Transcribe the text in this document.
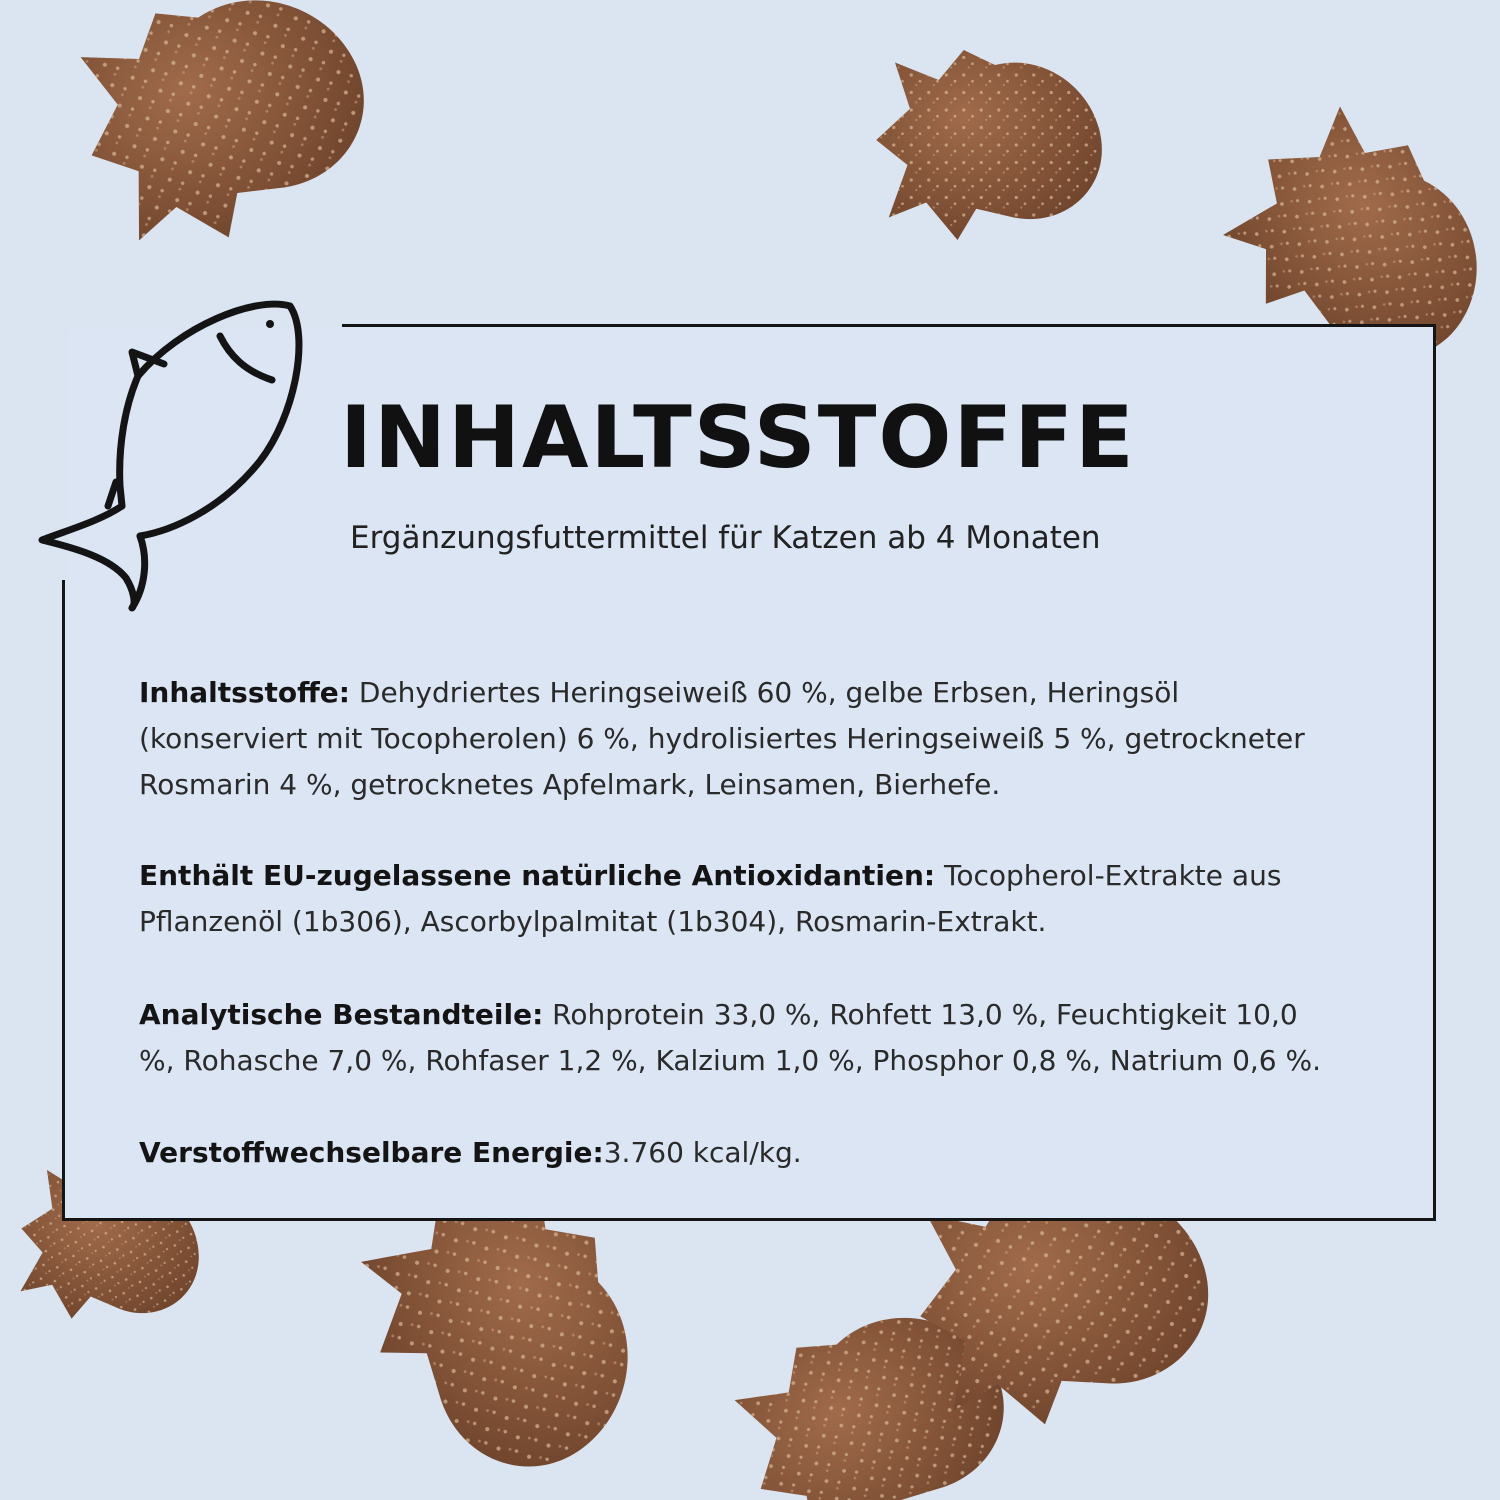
INHALTSSTOFFE

Ergänzungsfuttermittel für Katzen ab 4 Monaten

Inhaltsstoffe: Dehydriertes Heringseiweiß 60 %, gelbe Erbsen, Heringsöl (konserviert mit Tocopherolen) 6 %, hydrolisiertes Heringseiweiß 5 %, getrockneter Rosmarin 4 %, getrocknetes Apfelmark, Leinsamen, Bierhefe.

Enthält EU-zugelassene natürliche Antioxidantien: Tocopherol-Extrakte aus Pflanzenöl (1b306), Ascorbylpalmitat (1b304), Rosmarin-Extrakt.

Analytische Bestandteile: Rohprotein 33,0 %, Rohfett 13,0 %, Feuchtigkeit 10,0 %, Rohasche 7,0 %, Rohfaser 1,2 %, Kalzium 1,0 %, Phosphor 0,8 %, Natrium 0,6 %.

Verstoffwechselbare Energie:3.760 kcal/kg.
